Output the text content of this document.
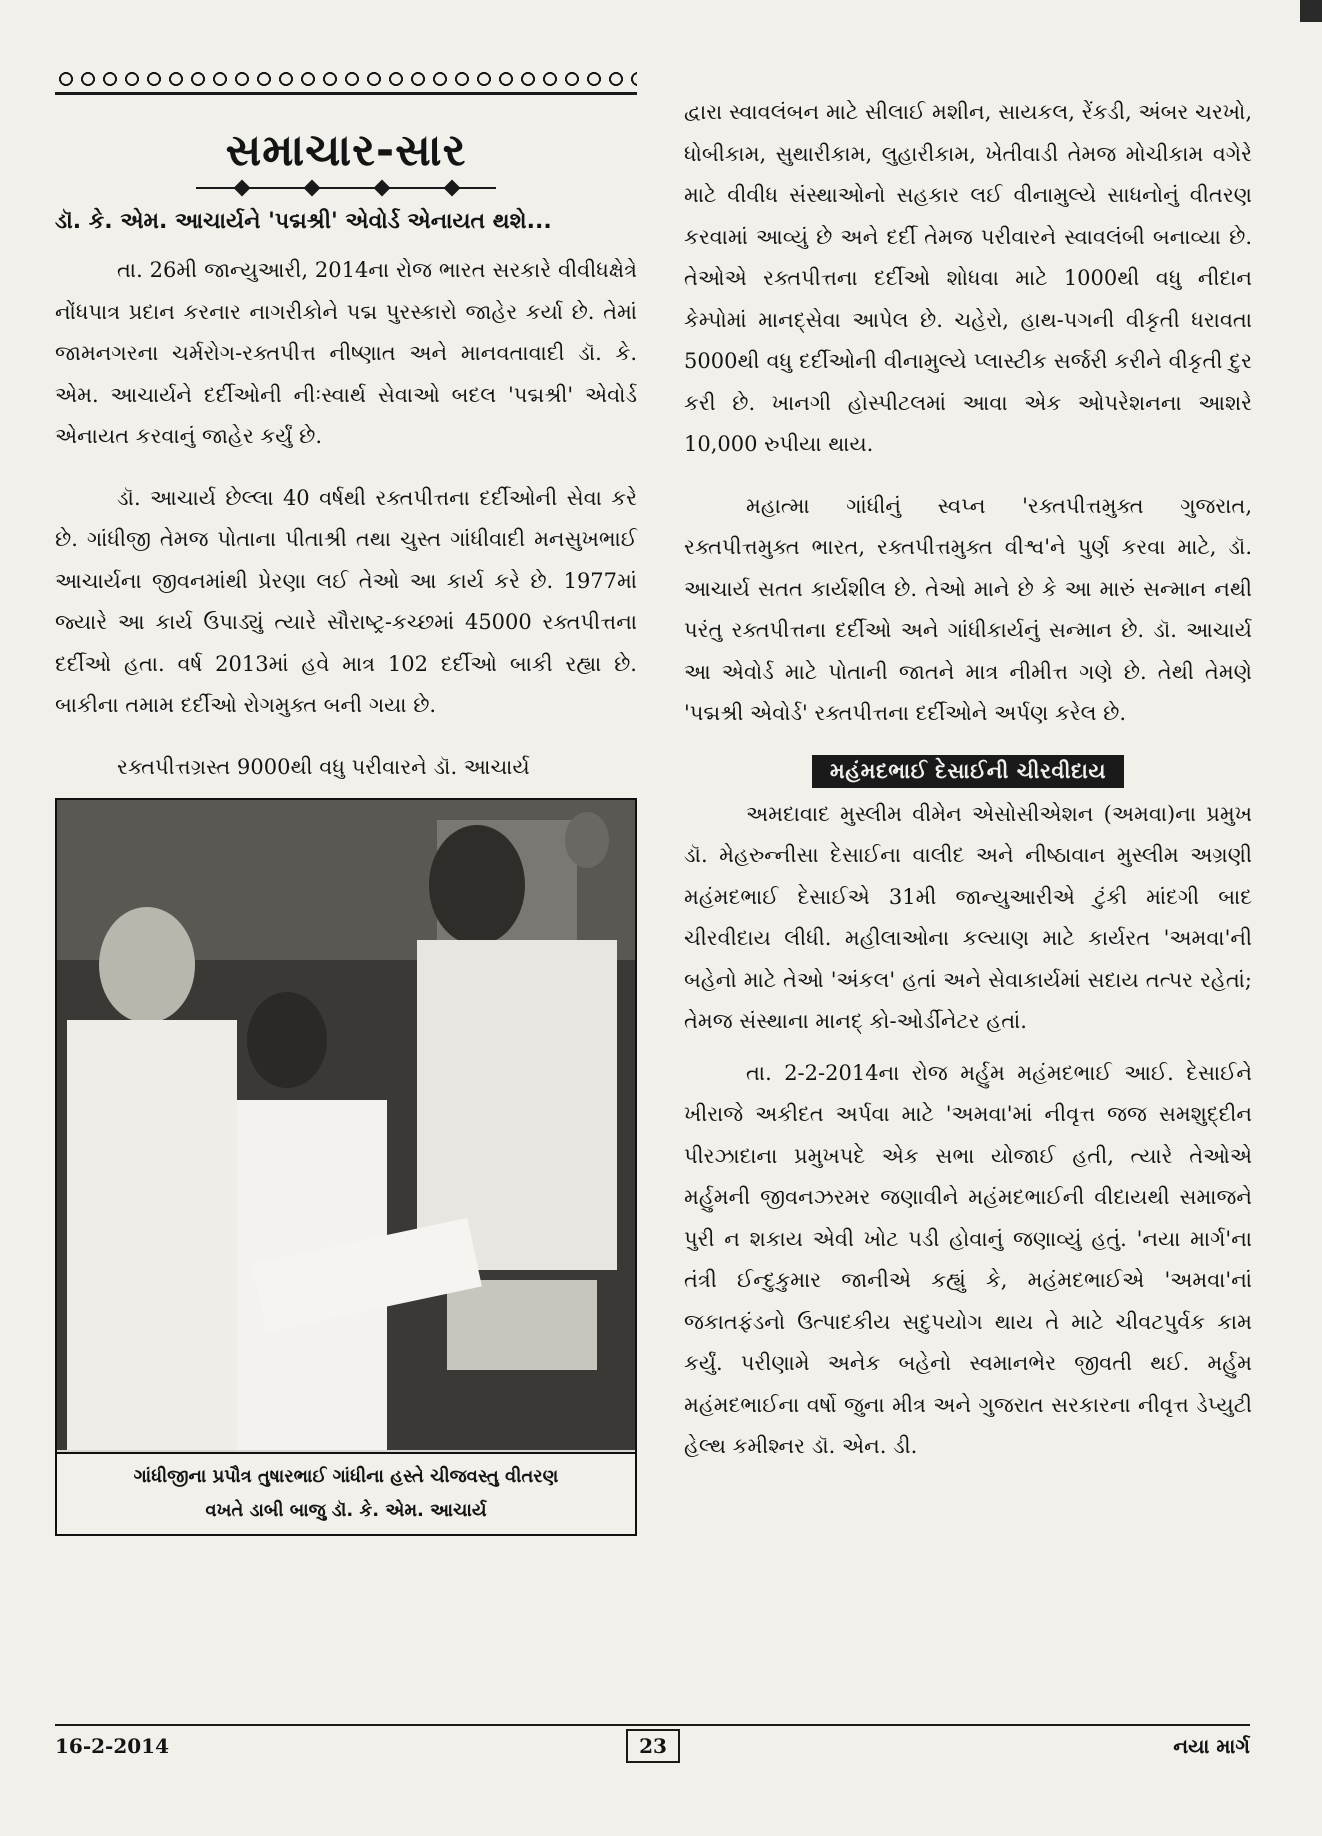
સમાચાર-સાર
ડૉ. કે. એમ. આચાર્યને 'પદ્મશ્રી' એવોર્ડ એનાયત થશે...

તા. 26મી જાન્યુઆરી, 2014ના રોજ ભારત સરકારે વીવીધક્ષેત્રે નોંધપાત્ર પ્રદાન કરનાર નાગરીકોને પદ્મ પુરસ્કારો જાહેર કર્યા છે. તેમાં જામનગરના ચર્મરોગ-રક્તપીત્ત નીષ્ણાત અને માનવતાવાદી ડૉ. કે. એમ. આચાર્યને દર્દીઓની નીઃસ્વાર્થ સેવાઓ બદલ 'પદ્મશ્રી' એવોર્ડ એનાયત કરવાનું જાહેર કર્યું છે.

ડૉ. આચાર્ય છેલ્લા 40 વર્ષથી રક્તપીત્તના દર્દીઓની સેવા કરે છે. ગાંધીજી તેમજ પોતાના પીતાશ્રી તથા ચુસ્ત ગાંધીવાદી મનસુખભાઈ આચાર્યના જીવનમાંથી પ્રેરણા લઈ તેઓ આ કાર્ય કરે છે. 1977માં જ્યારે આ કાર્ય ઉપાડ્યું ત્યારે સૌરાષ્ટ્ર-કચ્છમાં 45000 રક્તપીત્તના દર્દીઓ હતા. વર્ષ 2013માં હવે માત્ર 102 દર્દીઓ બાકી રહ્યા છે. બાકીના તમામ દર્દીઓ રોગમુક્ત બની ગયા છે.

રક્તપીત્તગ્રસ્ત 9000થી વધુ પરીવારને ડૉ. આચાર્ય

ગાંધીજીના પ્રપૌત્ર તુષારભાઈ ગાંધીના હસ્તે ચીજવસ્તુ વીતરણ
વખતે ડાબી બાજુ ડૉ. કે. એમ. આચાર્ય

દ્વારા સ્વાવલંબન માટે સીલાઈ મશીન, સાયકલ, રેંકડી, અંબર ચરખો, ધોબીકામ, સુથારીકામ, લુહારીકામ, ખેતીવાડી તેમજ મોચીકામ વગેરે માટે વીવીધ સંસ્થાઓનો સહકાર લઈ વીનામુલ્યે સાધનોનું વીતરણ કરવામાં આવ્યું છે અને દર્દી તેમજ પરીવારને સ્વાવલંબી બનાવ્યા છે. તેઓએ રક્તપીત્તના દર્દીઓ શોધવા માટે 1000થી વધુ નીદાન કેમ્પોમાં માનદ્‌સેવા આપેલ છે. ચહેરો, હાથ-પગની વીકૃતી ધરાવતા 5000થી વધુ દર્દીઓની વીનામુલ્યે પ્લાસ્ટીક સર્જરી કરીને વીકૃતી દુર કરી છે. ખાનગી હોસ્પીટલમાં આવા એક ઓપરેશનના આશરે 10,000 રુપીયા થાય.

મહાત્મા ગાંધીનું સ્વપ્ન 'રક્તપીત્તમુક્ત ગુજરાત, રક્તપીત્તમુક્ત ભારત, રક્તપીત્તમુક્ત વીશ્વ'ને પુર્ણ કરવા માટે, ડૉ. આચાર્ય સતત કાર્યશીલ છે. તેઓ માને છે કે આ મારું સન્માન નથી પરંતુ રક્તપીત્તના દર્દીઓ અને ગાંધીકાર્યનું સન્માન છે. ડૉ. આચાર્ય આ એવોર્ડ માટે પોતાની જાતને માત્ર નીમીત્ત ગણે છે. તેથી તેમણે 'પદ્મશ્રી એવોર્ડ' રક્તપીત્તના દર્દીઓને અર્પણ કરેલ છે.

મહંમદભાઈ દેસાઈની ચીરવીદાય

અમદાવાદ મુસ્લીમ વીમેન એસોસીએશન (અમવા)ના પ્રમુખ ડૉ. મેહરુન્નીસા દેસાઈના વાલીદ અને નીષ્ઠાવાન મુસ્લીમ અગ્રણી મહંમદભાઈ દેસાઈએ 31મી જાન્યુઆરીએ ટુંકી માંદગી બાદ ચીરવીદાય લીધી. મહીલાઓના કલ્યાણ માટે કાર્યરત 'અમવા'ની બહેનો માટે તેઓ 'અંકલ' હતાં અને સેવાકાર્યમાં સદાય તત્પર રહેતાં; તેમજ સંસ્થાના માનદ્ કો-ઓર્ડીનેટર હતાં.

તા. 2-2-2014ના રોજ મર્હુમ મહંમદભાઈ આઈ. દેસાઈને ખીરાજે અકીદત અર્પવા માટે 'અમવા'માં નીવૃત્ત જજ સમશુદ્દીન પીરઝાદાના પ્રમુખપદે એક સભા યોજાઈ હતી, ત્યારે તેઓએ મર્હુમની જીવનઝરમર જણાવીને મહંમદભાઈની વીદાયથી સમાજને પુરી ન શકાય એવી ખોટ પડી હોવાનું જણાવ્યું હતું. 'નયા માર્ગ'ના તંત્રી ઈન્દુકુમાર જાનીએ કહ્યું કે, મહંમદભાઈએ 'અમવા'નાં જકાતફંડનો ઉત્પાદકીય સદુપયોગ થાય તે માટે ચીવટપુર્વક કામ કર્યું. પરીણામે અનેક બહેનો સ્વમાનભેર જીવતી થઈ. મર્હુમ મહંમદભાઈના વર્ષો જુના મીત્ર અને ગુજરાત સરકારના નીવૃત્ત ડેપ્યુટી હેલ્થ કમીશ્નર ડૉ. એન. ડી.

16-2-2014	23	નયા માર્ગ
